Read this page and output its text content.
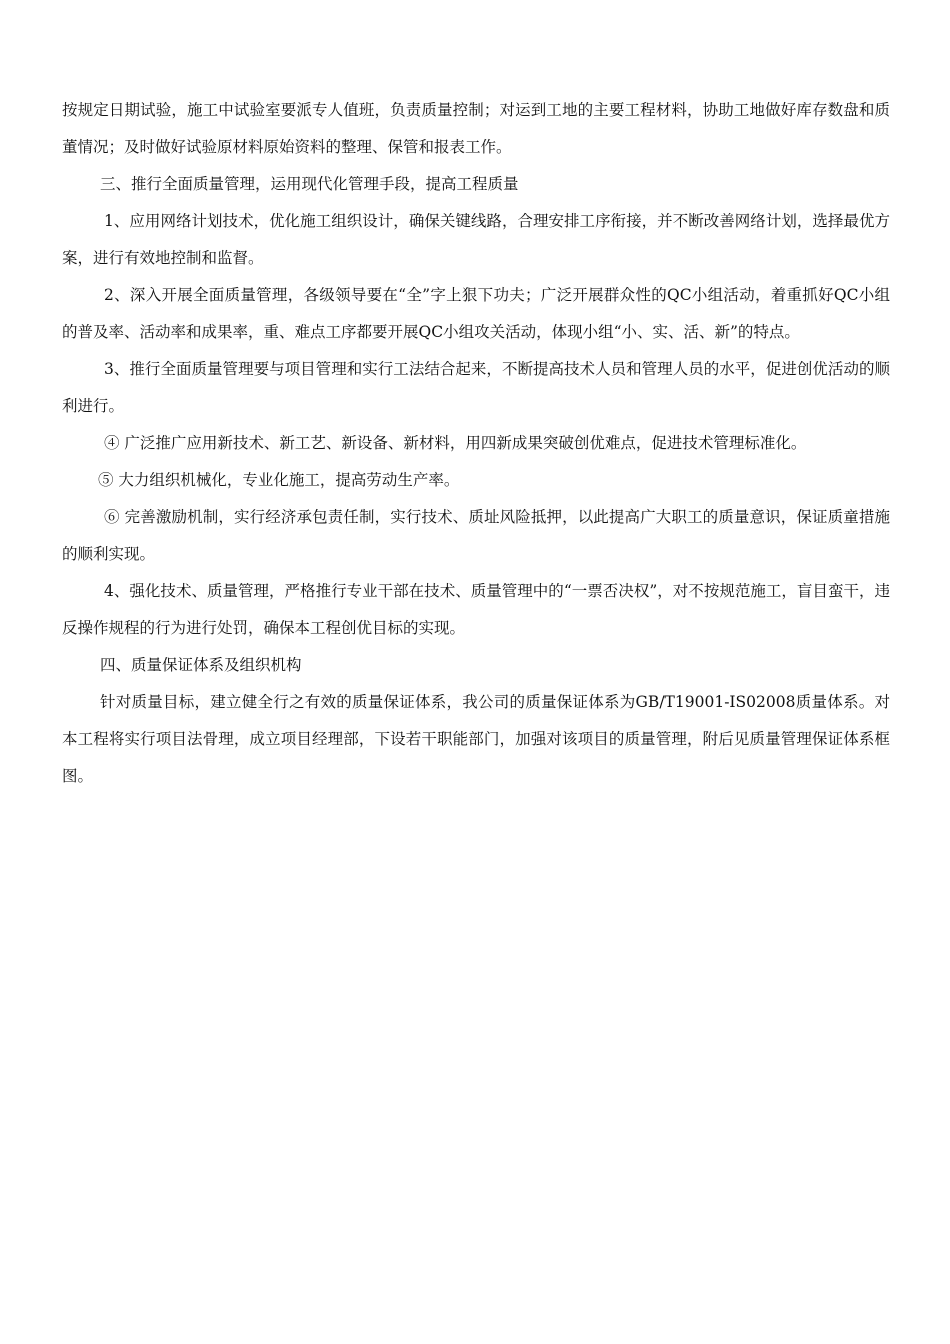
按规定日期试验，施工中试验室要派专人值班，负责质量控制；对运到工地的主要工程材料，协助工地做好库存数盘和质董情况；及时做好试验原材料原始资料的整理、保管和报表工作。

三、推行全面质量管理，运用现代化管理手段，提高工程质量

1、应用网络计划技术，优化施工组织设计，确保关键线路，合理安排工序衔接，并不断改善网络计划，选择最优方案，进行有效地控制和监督。

2、深入开展全面质量管理，各级领导要在“全”字上狠下功夫；广泛开展群众性的QC小组活动，着重抓好QC小组的普及率、活动率和成果率，重、难点工序都要开展QC小组攻关活动，体现小组“小、实、活、新”的特点。

3、推行全面质量管理要与项目管理和实行工法结合起来，不断提高技术人员和管理人员的水平，促进创优活动的顺利进行。

④ 广泛推广应用新技术、新工艺、新设备、新材料，用四新成果突破创优难点，促进技术管理标准化。

⑤ 大力组织机械化，专业化施工，提高劳动生产率。

⑥ 完善激励机制，实行经济承包责任制，实行技术、质址风险抵押，以此提高广大职工的质量意识，保证质童措施的顺利实现。

4、强化技术、质量管理，严格推行专业干部在技术、质量管理中的“一票否决权”，对不按规范施工，盲目蛮干，违反操作规程的行为进行处罚，确保本工程创优目标的实现。

四、质量保证体系及组织机构

针对质量目标，建立健全行之有效的质量保证体系，我公司的质量保证体系为GB/T19001-IS02008质量体系。对本工程将实行项目法骨理，成立项目经理部，下设若干职能部门，加强对该项目的质量管理，附后见质量管理保证体系框图。
